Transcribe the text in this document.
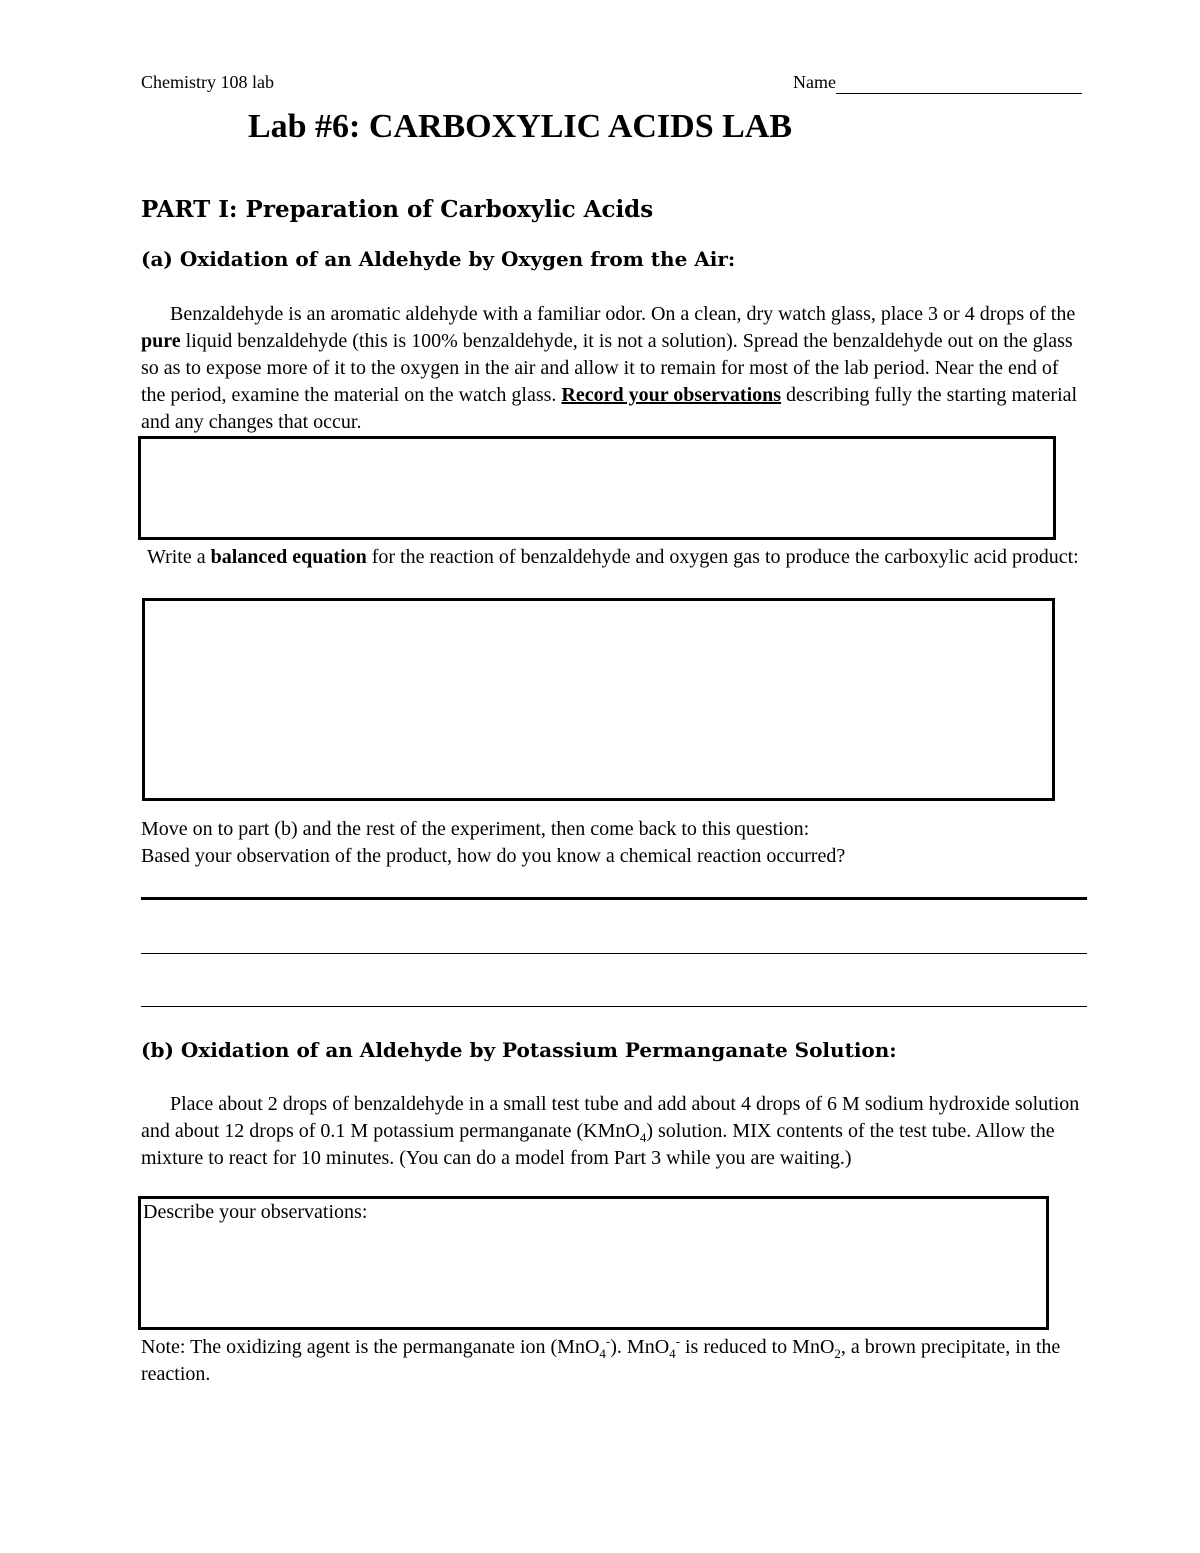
Chemistry 108 lab	Name
Lab #6: CARBOXYLIC ACIDS LAB
PART I: Preparation of Carboxylic Acids
(a) Oxidation of an Aldehyde by Oxygen from the Air:
Benzaldehyde is an aromatic aldehyde with a familiar odor. On a clean, dry watch glass, place 3 or 4 drops of the pure liquid benzaldehyde (this is 100% benzaldehyde, it is not a solution). Spread the benzaldehyde out on the glass so as to expose more of it to the oxygen in the air and allow it to remain for most of the lab period. Near the end of the period, examine the material on the watch glass. Record your observations describing fully the starting material and any changes that occur.
Write a balanced equation for the reaction of benzaldehyde and oxygen gas to produce the carboxylic acid product:
Move on to part (b) and the rest of the experiment, then come back to this question:
Based your observation of the product, how do you know a chemical reaction occurred?
(b) Oxidation of an Aldehyde by Potassium Permanganate Solution:
Place about 2 drops of benzaldehyde in a small test tube and add about 4 drops of 6 M sodium hydroxide solution and about 12 drops of 0.1 M potassium permanganate (KMnO$_4$) solution. MIX contents of the test tube. Allow the mixture to react for 10 minutes. (You can do a model from Part 3 while you are waiting.)
Describe your observations:
Note: The oxidizing agent is the permanganate ion (MnO$_4$-). MnO$_4$- is reduced to MnO$_2$, a brown precipitate, in the reaction.
